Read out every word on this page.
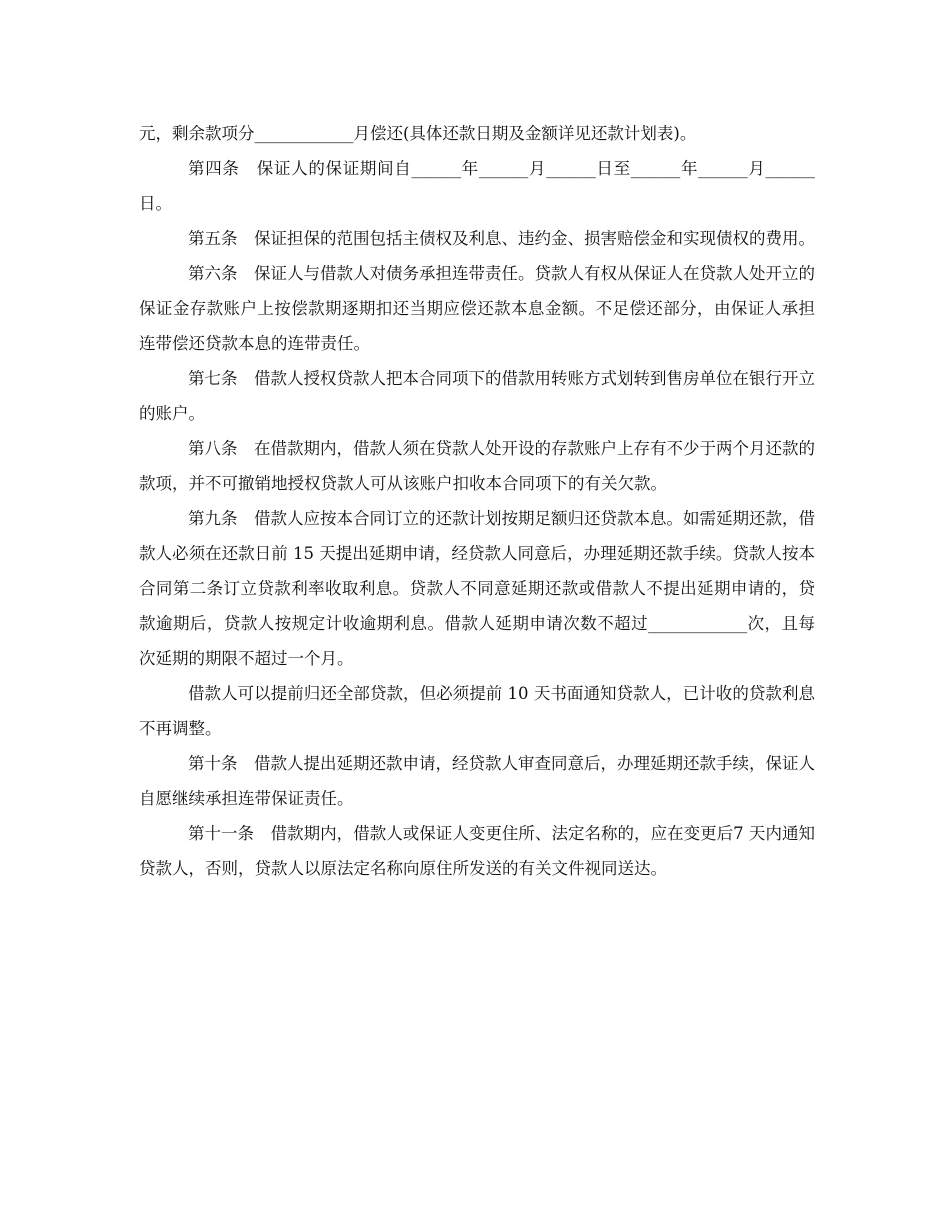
元，剩余款项分____________月偿还(具体还款日期及金额详见还款计划表)。

第四条　保证人的保证期间自______年______月______日至______年______月______日。

第五条　保证担保的范围包括主债权及利息、违约金、损害赔偿金和实现债权的费用。

第六条　保证人与借款人对债务承担连带责任。贷款人有权从保证人在贷款人处开立的保证金存款账户上按偿款期逐期扣还当期应偿还款本息金额。不足偿还部分，由保证人承担连带偿还贷款本息的连带责任。

第七条　借款人授权贷款人把本合同项下的借款用转账方式划转到售房单位在银行开立的账户。

第八条　在借款期内，借款人须在贷款人处开设的存款账户上存有不少于两个月还款的款项，并不可撤销地授权贷款人可从该账户扣收本合同项下的有关欠款。

第九条　借款人应按本合同订立的还款计划按期足额归还贷款本息。如需延期还款，借款人必须在还款日前 15 天提出延期申请，经贷款人同意后，办理延期还款手续。贷款人按本合同第二条订立贷款利率收取利息。贷款人不同意延期还款或借款人不提出延期申请的，贷款逾期后，贷款人按规定计收逾期利息。借款人延期申请次数不超过____________次，且每次延期的期限不超过一个月。

借款人可以提前归还全部贷款，但必须提前 10 天书面通知贷款人，已计收的贷款利息不再调整。

第十条　借款人提出延期还款申请，经贷款人审查同意后，办理延期还款手续，保证人自愿继续承担连带保证责任。

第十一条　借款期内，借款人或保证人变更住所、法定名称的，应在变更后7 天内通知贷款人，否则，贷款人以原法定名称向原住所发送的有关文件视同送达。
